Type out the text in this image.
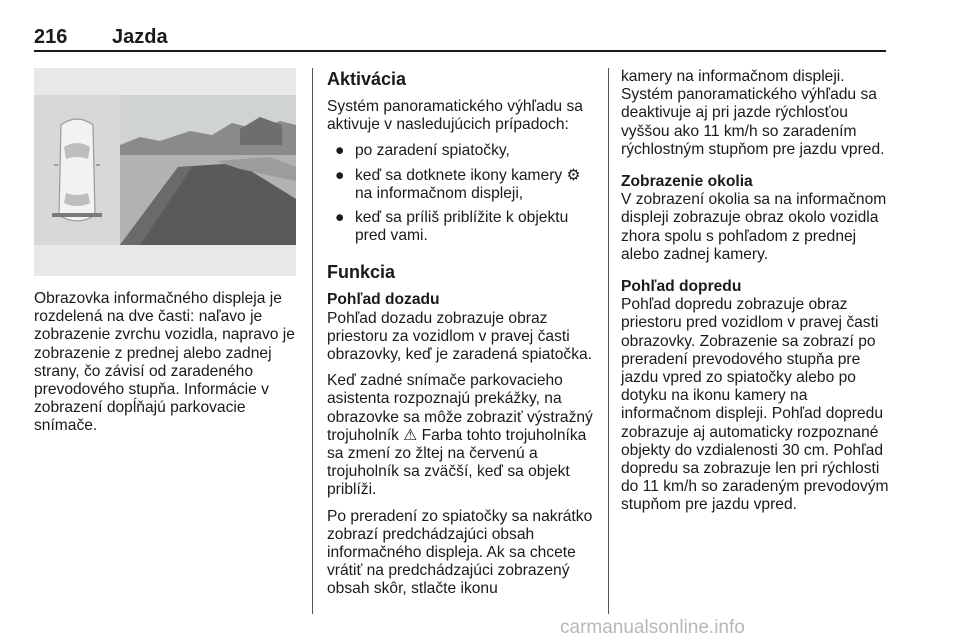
216 Jazda

Obrazovka informačného displeja je rozdelená na dve časti: naľavo je zobrazenie zvrchu vozidla, napravo je zobrazenie z prednej alebo zadnej strany, čo závisí od zaradeného prevodového stupňa. Informácie v zobrazení dopĺňajú parkovacie snímače.

Aktivácia

Systém panoramatického výhľadu sa aktivuje v nasledujúcich prípadoch:

● po zaradení spiatočky,
● keď sa dotknete ikony kamery ⚙ na informačnom displeji,
● keď sa príliš priblížite k objektu pred vami.
Funkcia
Pohľad dozadu

Pohľad dozadu zobrazuje obraz priestoru za vozidlom v pravej časti obrazovky, keď je zaradená spiatočka.

Keď zadné snímače parkovacieho asistenta rozpoznajú prekážky, na obrazovke sa môže zobraziť výstražný trojuholník ⚠ Farba tohto trojuholníka sa zmení zo žltej na červenú a trojuholník sa zväčší, keď sa objekt priblíži.

Po preradení zo spiatočky sa nakrátko zobrazí predchádzajúci obsah informačného displeja. Ak sa chcete vrátiť na predchádzajúci zobrazený obsah skôr, stlačte ikonu

kamery na informačnom displeji. Systém panoramatického výhľadu sa deaktivuje aj pri jazde rýchlosťou vyššou ako 11 km/h so zaradením rýchlostným stupňom pre jazdu vpred.

Zobrazenie okolia

V zobrazení okolia sa na informačnom displeji zobrazuje obraz okolo vozidla zhora spolu s pohľadom z prednej alebo zadnej kamery.

Pohľad dopredu

Pohľad dopredu zobrazuje obraz priestoru pred vozidlom v pravej časti obrazovky. Zobrazenie sa zobrazí po preradení prevodového stupňa pre jazdu vpred zo spiatočky alebo po dotyku na ikonu kamery na informačnom displeji. Pohľad dopredu zobrazuje aj automaticky rozpoznané objekty do vzdialenosti 30 cm. Pohľad dopredu sa zobrazuje len pri rýchlosti do 11 km/h so zaradeným prevodovým stupňom pre jazdu vpred.

carmanualsonline.info
